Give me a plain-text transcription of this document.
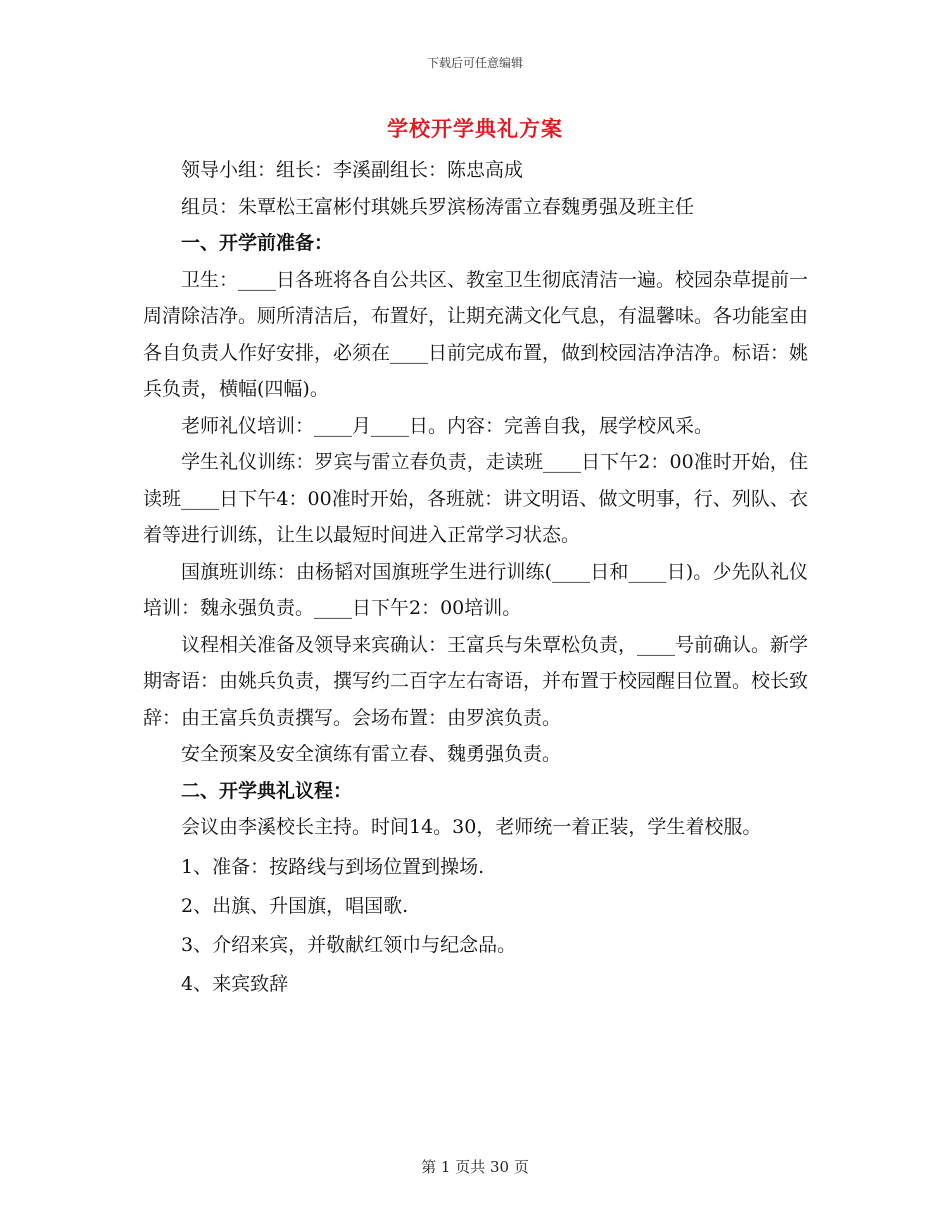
下载后可任意编辑
学校开学典礼方案

领导小组：组长：李溪副组长：陈忠高成

组员：朱覃松王富彬付琪姚兵罗滨杨涛雷立春魏勇强及班主任

一、开学前准备：

卫生：____日各班将各自公共区、教室卫生彻底清洁一遍。校园杂草提前一周清除洁净。厕所清洁后，布置好，让期充满文化气息，有温馨味。各功能室由各自负责人作好安排，必须在____日前完成布置，做到校园洁净洁净。标语：姚兵负责，横幅(四幅)。

老师礼仪培训：____月____日。内容：完善自我，展学校风采。

学生礼仪训练：罗宾与雷立春负责，走读班____日下午2：00准时开始，住读班____日下午4：00准时开始，各班就：讲文明语、做文明事，行、列队、衣着等进行训练，让生以最短时间进入正常学习状态。

国旗班训练：由杨韬对国旗班学生进行训练(____日和____日)。少先队礼仪培训：魏永强负责。____日下午2：00培训。

议程相关准备及领导来宾确认：王富兵与朱覃松负责，____号前确认。新学期寄语：由姚兵负责，撰写约二百字左右寄语，并布置于校园醒目位置。校长致辞：由王富兵负责撰写。会场布置：由罗滨负责。

安全预案及安全演练有雷立春、魏勇强负责。

二、开学典礼议程：

会议由李溪校长主持。时间14。30，老师统一着正装，学生着校服。

1、准备：按路线与到场位置到操场.

2、出旗、升国旗，唱国歌.

3、介绍来宾，并敬献红领巾与纪念品。

4、来宾致辞

第 1 页共 30 页
